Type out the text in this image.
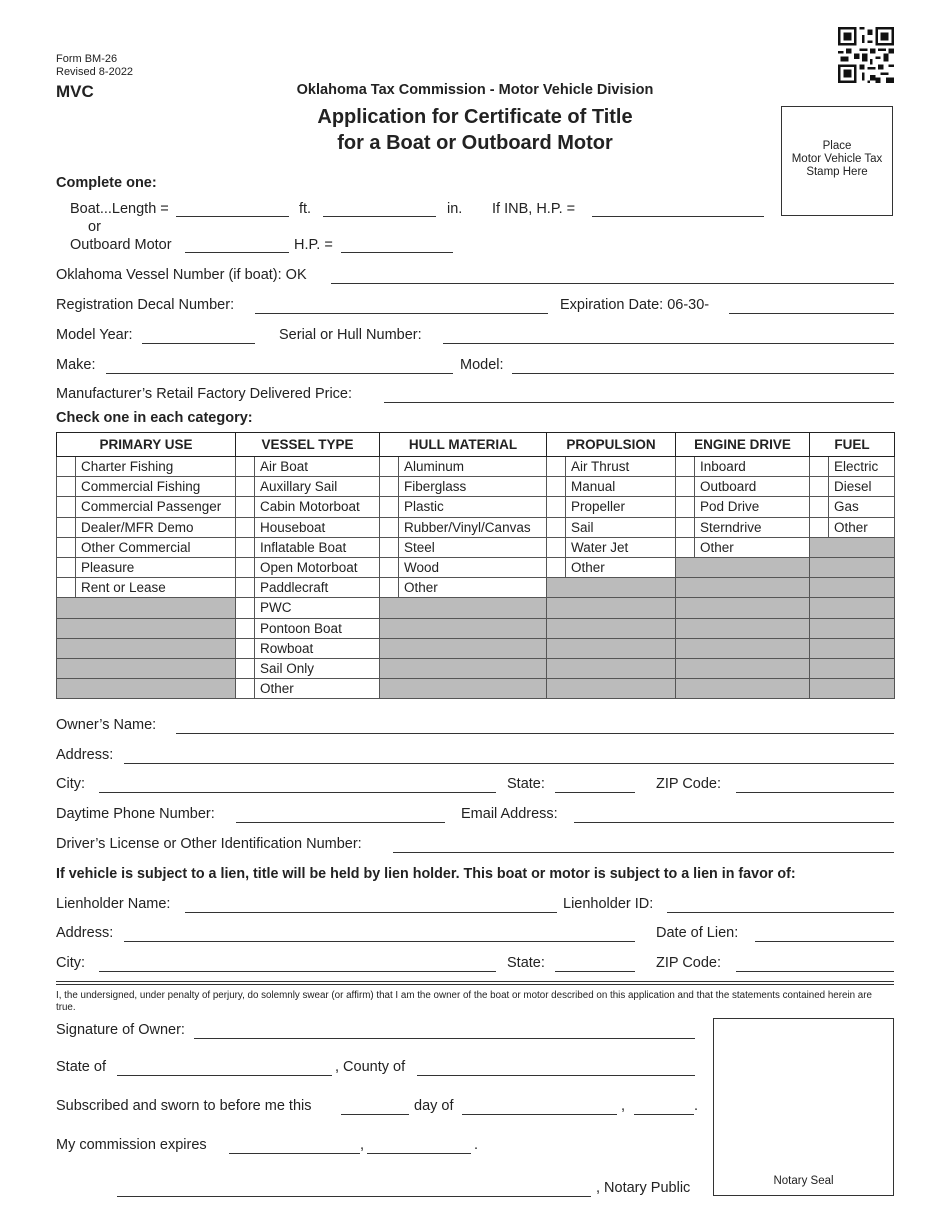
Form BM-26
Revised 8-2022
MVC	Oklahoma Tax Commission - Motor Vehicle Division
Application for Certificate of Title
for a Boat or Outboard Motor	Place
Motor Vehicle Tax
Stamp Here
Complete one:
Boat...Length =	ft.	in. If INB, H.P. =
or
Outboard Motor	H.P. =
Oklahoma Vessel Number (if boat): OK
Registration Decal Number:	Expiration Date: 06-30-
Model Year:	Serial or Hull Number:
Make:	Model:
Manufacturer’s Retail Factory Delivered Price:
Check one in each category:
PRIMARY USE		VESSEL TYPE		HULL MATERIAL		PROPULSION		ENGINE DRIVE		FUEL	
	Charter Fishing		Air Boat		Aluminum		Air Thrust		Inboard		Electric
	Commercial Fishing		Auxillary Sail		Fiberglass		Manual		Outboard		Diesel
	Commercial Passenger		Cabin Motorboat		Plastic		Propeller		Pod Drive		Gas
	Dealer/MFR Demo		Houseboat		Rubber/Vinyl/Canvas		Sail		Sterndrive		Other
	Other Commercial		Inflatable Boat		Steel		Water Jet		Other		
	Pleasure		Open Motorboat		Wood		Other				
	Rent or Lease		Paddlecraft		Other						
			PWC								
			Pontoon Boat								
			Rowboat								
			Sail Only								
			Other								
Owner’s Name:
Address:
City:	State:	ZIP Code:
Daytime Phone Number:	Email Address:
Driver’s License or Other Identification Number:
If vehicle is subject to a lien, title will be held by lien holder. This boat or motor is subject to a lien in favor of:
Lienholder Name:	Lienholder ID:
Address:	Date of Lien:
City:	State:	ZIP Code:
I, the undersigned, under penalty of perjury, do solemnly swear (or affirm) that I am the owner of the boat or motor described on this application and that the statements contained herein are true.
Signature of Owner:
State of	, County of
Subscribed and sworn to before me this	day of	,	.
My commission expires	,	.
, Notary Public	Notary Seal
